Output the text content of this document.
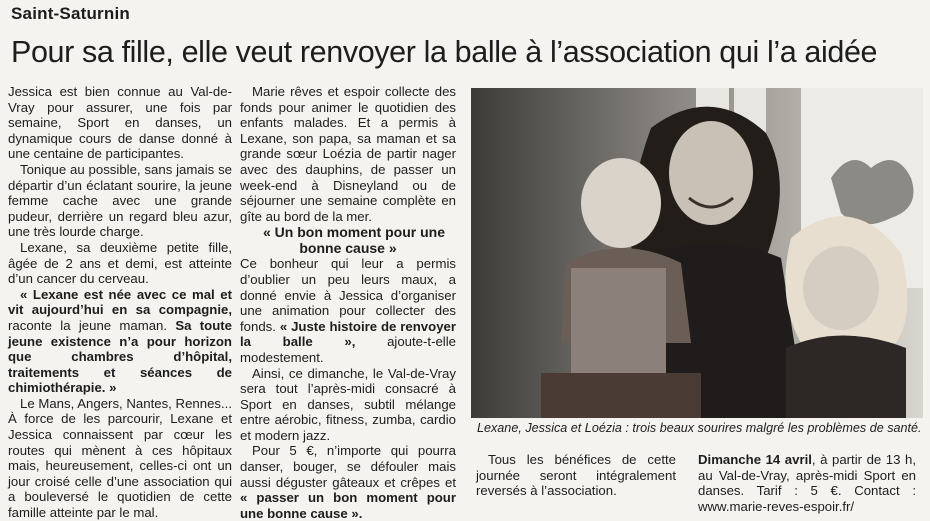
Saint-Saturnin
Pour sa fille, elle veut renvoyer la balle à l’association qui l’a aidée

Jessica est bien connue au Val-de-Vray pour assurer, une fois par semaine, Sport en danses, un dynamique cours de danse donné à une centaine de participantes.

Tonique au possible, sans jamais se départir d’un éclatant sourire, la jeune femme cache avec une grande pudeur, derrière un regard bleu azur, une très lourde charge.

Lexane, sa deuxième petite fille, âgée de 2 ans et demi, est atteinte d’un cancer du cerveau.

« Lexane est née avec ce mal et vit aujourd’hui en sa compagnie, raconte la jeune maman. Sa toute jeune existence n’a pour horizon que chambres d’hôpital, traitements et séances de chimiothérapie. »

Le Mans, Angers, Nantes, Rennes... À force de les parcourir, Lexane et Jessica connaissent par cœur les routes qui mènent à ces hôpitaux mais, heureusement, celles-ci ont un jour croisé celle d’une association qui a bouleversé le quotidien de cette famille atteinte par le mal.

Marie rêves et espoir collecte des fonds pour animer le quotidien des enfants malades. Et a permis à Lexane, son papa, sa maman et sa grande sœur Loézia de partir nager avec des dauphins, de passer un week-end à Disneyland ou de séjourner une semaine complète en gîte au bord de la mer.

« Un bon moment pour une bonne cause »

Ce bonheur qui leur a permis d’oublier un peu leurs maux, a donné envie à Jessica d’organiser une animation pour collecter des fonds. « Juste histoire de renvoyer la balle », ajoute-t-elle modestement.

Ainsi, ce dimanche, le Val-de-Vray sera tout l’après-midi consacré à Sport en danses, subtil mélange entre aérobic, fitness, zumba, cardio et modern jazz.

Pour 5 €, n’importe qui pourra danser, bouger, se défouler mais aussi déguster gâteaux et crêpes et « passer un bon moment pour une bonne cause ».

Lexane, Jessica et Loézia : trois beaux sourires malgré les problèmes de santé.

Tous les bénéfices de cette journée seront intégralement reversés à l’association.

Dimanche 14 avril, à partir de 13 h, au Val-de-Vray, après-midi Sport en danses. Tarif : 5 €. Contact : www.marie-reves-espoir.fr/
